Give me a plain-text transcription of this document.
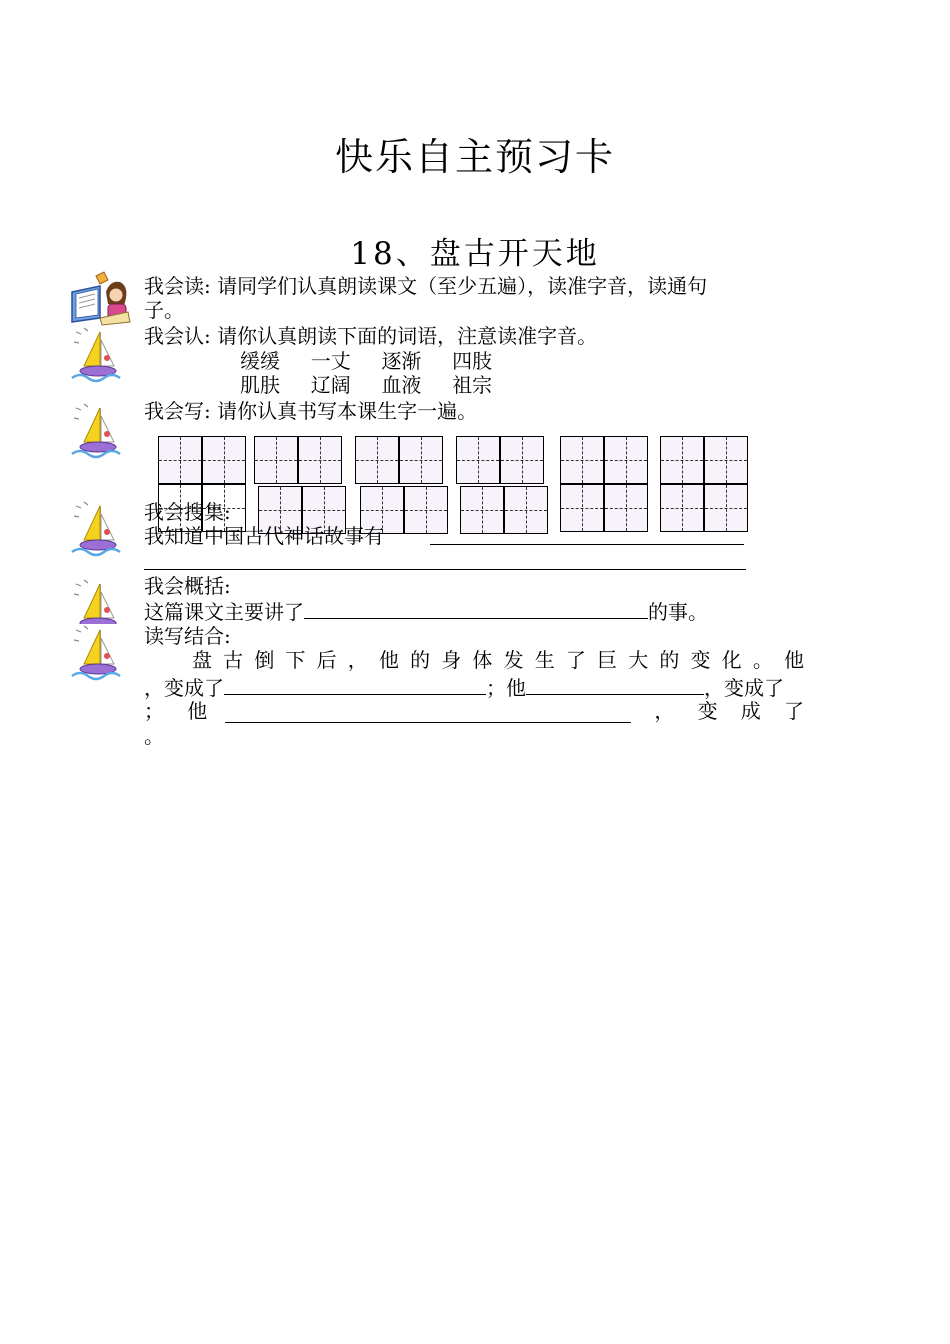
快乐自主预习卡
18、盘古开天地
我会读: 请同学们认真朗读课文（至少五遍），读准字音，读通句
子。
我会认: 请你认真朗读下面的词语，注意读准字音。
缓缓 一丈 逐渐 四肢
肌肤 辽阔 血液 祖宗
我会写: 请你认真书写本课生字一遍。
我会搜集:
我知道中国古代神话故事有
我会概括:
这篇课文主要讲了	的事。
读写结合:
盘 古 倒 下 后 ， 他 的 身 体 发 生 了 巨 大 的 变 化 。 他
，变成了	；他	，变成了
； 他	， 变 成 了
。
